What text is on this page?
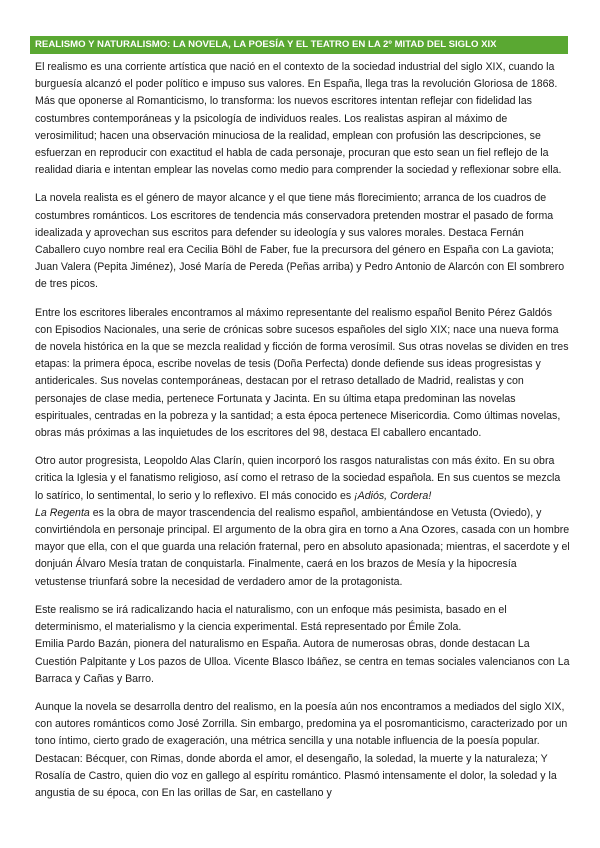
REALISMO Y NATURALISMO: LA NOVELA, LA POESÍA Y EL TEATRO EN LA 2º MITAD DEL SIGLO XIX

El realismo es una corriente artística que nació en el contexto de la sociedad industrial del siglo XIX, cuando la burguesía alcanzó el poder político e impuso sus valores. En España, llega tras la revolución Gloriosa de 1868. Más que oponerse al Romanticismo, lo transforma: los nuevos escritores intentan reflejar con fidelidad las costumbres contemporáneas y la psicología de individuos reales. Los realistas aspiran al máximo de verosimilitud; hacen una observación minuciosa de la realidad, emplean con profusión las descripciones, se esfuerzan en reproducir con exactitud el habla de cada personaje, procuran que esto sean un fiel reflejo de la realidad diaria e intentan emplear las novelas como medio para comprender la sociedad y reflexionar sobre ella.

La novela realista es el género de mayor alcance y el que tiene más florecimiento; arranca de los cuadros de costumbres románticos. Los escritores de tendencia más conservadora pretenden mostrar el pasado de forma idealizada y aprovechan sus escritos para defender su ideología y sus valores morales. Destaca Fernán Caballero cuyo nombre real era Cecilia Böhl de Faber, fue la precursora del género en España con La gaviota; Juan Valera (Pepita Jiménez), José María de Pereda (Peñas arriba) y Pedro Antonio de Alarcón con El sombrero de tres picos.

Entre los escritores liberales encontramos al máximo representante del realismo español Benito Pérez Galdós con Episodios Nacionales, una serie de crónicas sobre sucesos españoles del siglo XIX; nace una nueva forma de novela histórica en la que se mezcla realidad y ficción de forma verosímil. Sus otras novelas se dividen en tres etapas: la primera época, escribe novelas de tesis (Doña Perfecta) donde defiende sus ideas progresistas y antidericales. Sus novelas contemporáneas, destacan por el retraso detallado de Madrid, realistas y con personajes de clase media, pertenece Fortunata y Jacinta. En su última etapa predominan las novelas espirituales, centradas en la pobreza y la santidad; a esta época pertenece Misericordia. Como últimas novelas, obras más próximas a las inquietudes de los escritores del 98, destaca El caballero encantado.

Otro autor progresista, Leopoldo Alas Clarín, quien incorporó los rasgos naturalistas con más éxito. En su obra critica la Iglesia y el fanatismo religioso, así como el retraso de la sociedad española. En sus cuentos se mezcla lo satírico, lo sentimental, lo serio y lo reflexivo. El más conocido es ¡Adiós, Cordera!
La Regenta es la obra de mayor trascendencia del realismo español, ambientándose en Vetusta (Oviedo), y convirtiéndola en personaje principal. El argumento de la obra gira en torno a Ana Ozores, casada con un hombre mayor que ella, con el que guarda una relación fraternal, pero en absoluto apasionada; mientras, el sacerdote y el donjuán Álvaro Mesía tratan de conquistarla. Finalmente, caerá en los brazos de Mesía y la hipocresía vetustense triunfará sobre la necesidad de verdadero amor de la protagonista.

Este realismo se irá radicalizando hacia el naturalismo, con un enfoque más pesimista, basado en el determinismo, el materialismo y la ciencia experimental. Está representado por Émile Zola.
Emilia Pardo Bazán, pionera del naturalismo en España. Autora de numerosas obras, donde destacan La Cuestión Palpitante y Los pazos de Ulloa. Vicente Blasco Ibáñez, se centra en temas sociales valencianos con La Barraca y Cañas y Barro.

Aunque la novela se desarrolla dentro del realismo, en la poesía aún nos encontramos a mediados del siglo XIX, con autores románticos como José Zorrilla. Sin embargo, predomina ya el posromanticismo, caracterizado por un tono íntimo, cierto grado de exageración, una métrica sencilla y una notable influencia de la poesía popular. Destacan: Bécquer, con Rimas, donde aborda el amor, el desengaño, la soledad, la muerte y la naturaleza; Y Rosalía de Castro, quien dio voz en gallego al espíritu romántico. Plasmó intensamente el dolor, la soledad y la angustia de su época, con En las orillas de Sar, en castellano y
